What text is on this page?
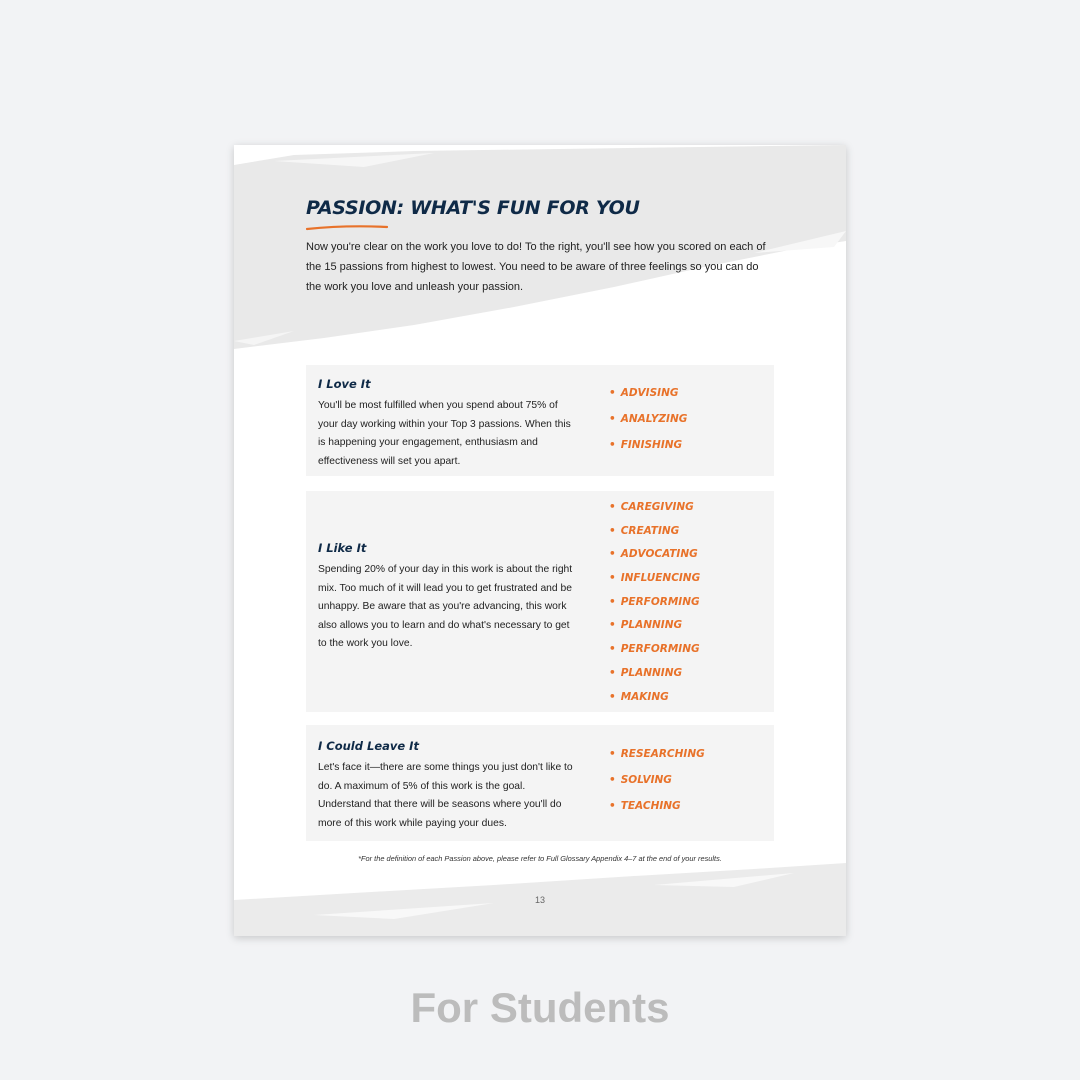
PASSION: WHAT'S FUN FOR YOU

Now you're clear on the work you love to do! To the right, you'll see how you scored on each of the 15 passions from highest to lowest. You need to be aware of three feelings so you can do the work you love and unleash your passion.

I Love It

You'll be most fulfilled when you spend about 75% of your day working within your Top 3 passions. When this is happening your engagement, enthusiasm and effectiveness will set you apart.

• ADVISING
• ANALYZING
• FINISHING
I Like It

Spending 20% of your day in this work is about the right mix. Too much of it will lead you to get frustrated and be unhappy. Be aware that as you're advancing, this work also allows you to learn and do what's necessary to get to the work you love.

• CAREGIVING
• CREATING
• ADVOCATING
• INFLUENCING
• PERFORMING
• PLANNING
• PERFORMING
• PLANNING
• MAKING
I Could Leave It

Let's face it—there are some things you just don't like to do. A maximum of 5% of this work is the goal. Understand that there will be seasons where you'll do more of this work while paying your dues.

• RESEARCHING
• SOLVING
• TEACHING

*For the definition of each Passion above, please refer to Full Glossary Appendix 4–7 at the end of your results.

13
For Students
